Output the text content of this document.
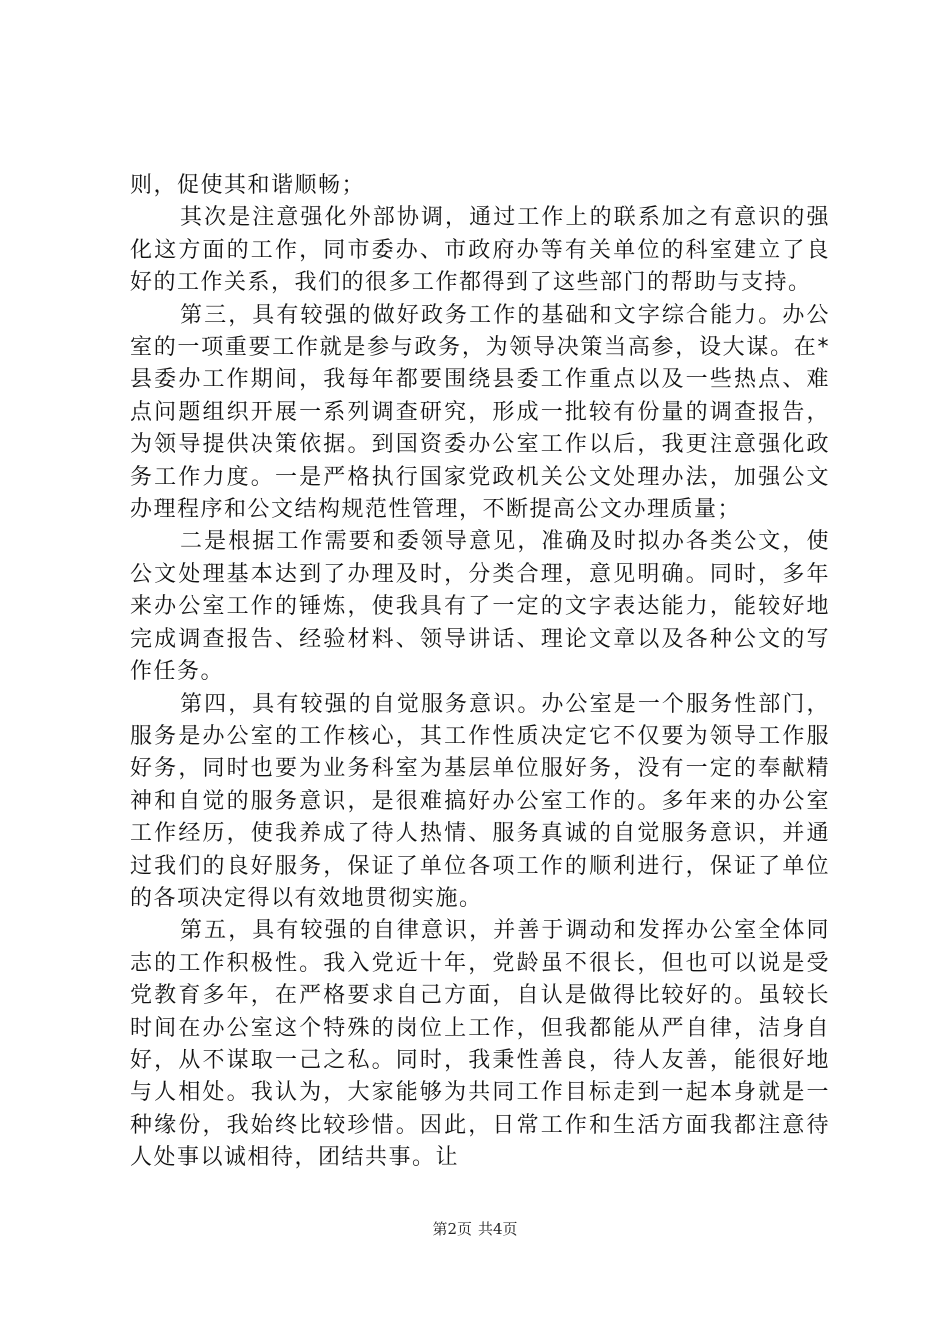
则，促使其和谐顺畅；

其次是注意强化外部协调，通过工作上的联系加之有意识的强化这方面的工作，同市委办、市政府办等有关单位的科室建立了良好的工作关系，我们的很多工作都得到了这些部门的帮助与支持。

第三，具有较强的做好政务工作的基础和文字综合能力。办公室的一项重要工作就是参与政务，为领导决策当高参，设大谋。在*县委办工作期间，我每年都要围绕县委工作重点以及一些热点、难点问题组织开展一系列调查研究，形成一批较有份量的调查报告，为领导提供决策依据。到国资委办公室工作以后，我更注意强化政务工作力度。一是严格执行国家党政机关公文处理办法，加强公文办理程序和公文结构规范性管理，不断提高公文办理质量；

二是根据工作需要和委领导意见，准确及时拟办各类公文，使公文处理基本达到了办理及时，分类合理，意见明确。同时，多年来办公室工作的锤炼，使我具有了一定的文字表达能力，能较好地完成调查报告、经验材料、领导讲话、理论文章以及各种公文的写作任务。

第四，具有较强的自觉服务意识。办公室是一个服务性部门，服务是办公室的工作核心，其工作性质决定它不仅要为领导工作服好务，同时也要为业务科室为基层单位服好务，没有一定的奉献精神和自觉的服务意识，是很难搞好办公室工作的。多年来的办公室工作经历，使我养成了待人热情、服务真诚的自觉服务意识，并通过我们的良好服务，保证了单位各项工作的顺利进行，保证了单位的各项决定得以有效地贯彻实施。

第五，具有较强的自律意识，并善于调动和发挥办公室全体同志的工作积极性。我入党近十年，党龄虽不很长，但也可以说是受党教育多年，在严格要求自己方面，自认是做得比较好的。虽较长时间在办公室这个特殊的岗位上工作，但我都能从严自律，洁身自好，从不谋取一己之私。同时，我秉性善良，待人友善，能很好地与人相处。我认为，大家能够为共同工作目标走到一起本身就是一种缘份，我始终比较珍惜。因此，日常工作和生活方面我都注意待人处事以诚相待，团结共事。让

第2页 共4页
